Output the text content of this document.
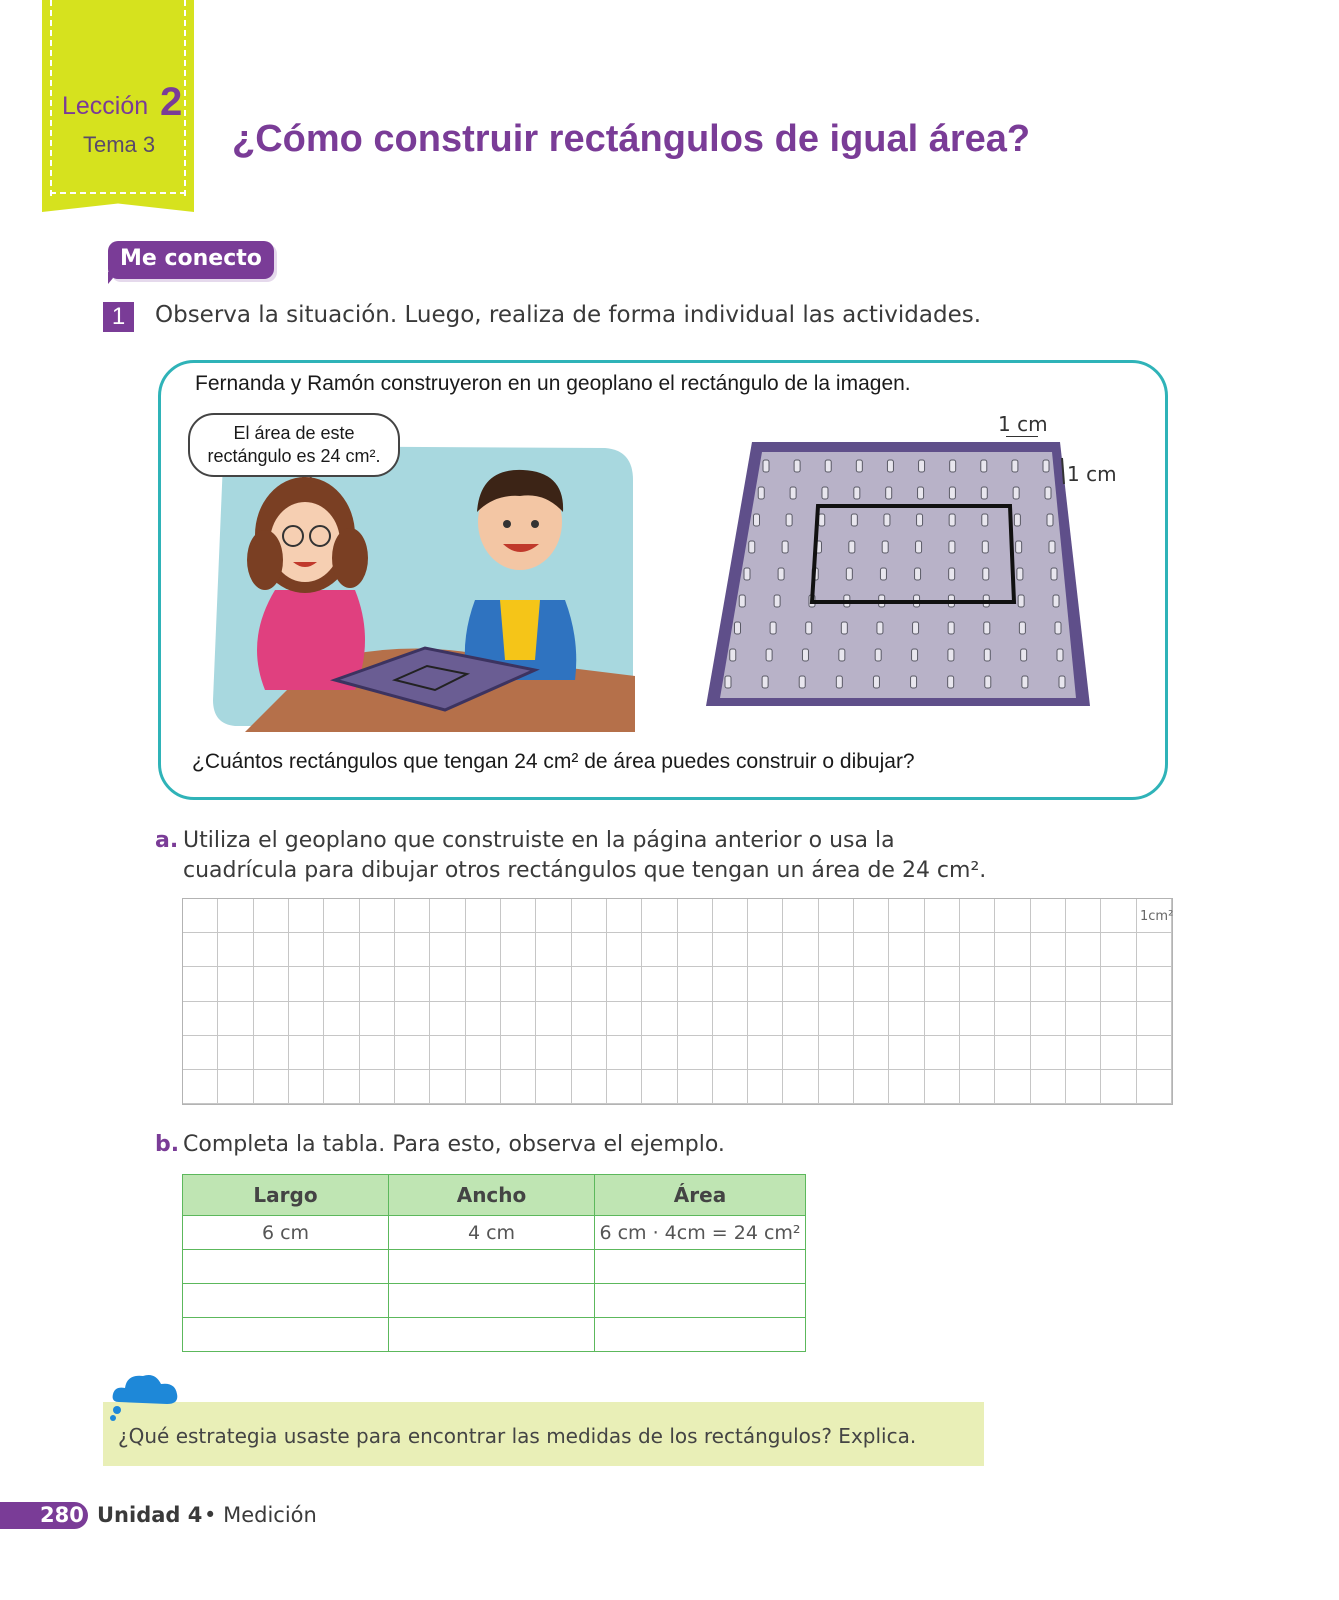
Lección 2
Tema 3 ¿Cómo construir rectángulos de igual área?
Me conecto
1	Observa la situación. Luego, realiza de forma individual las actividades.
Fernanda y Ramón construyeron en un geoplano el rectángulo de la imagen.
El área de este
rectángulo es 24 cm².
1 cm
1 cm
¿Cuántos rectángulos que tengan 24 cm² de área puedes construir o dibujar?
a. Utiliza el geoplano que construiste en la página anterior o usa la
cuadrícula para dibujar otros rectángulos que tengan un área de 24 cm².
1cm²
b. Completa la tabla. Para esto, observa el ejemplo.
Largo	Ancho	Área
6 cm	4 cm	6 cm · 4cm = 24 cm²

¿Qué estrategia usaste para encontrar las medidas de los rectángulos? Explica.
280 Unidad 4 • Medición
